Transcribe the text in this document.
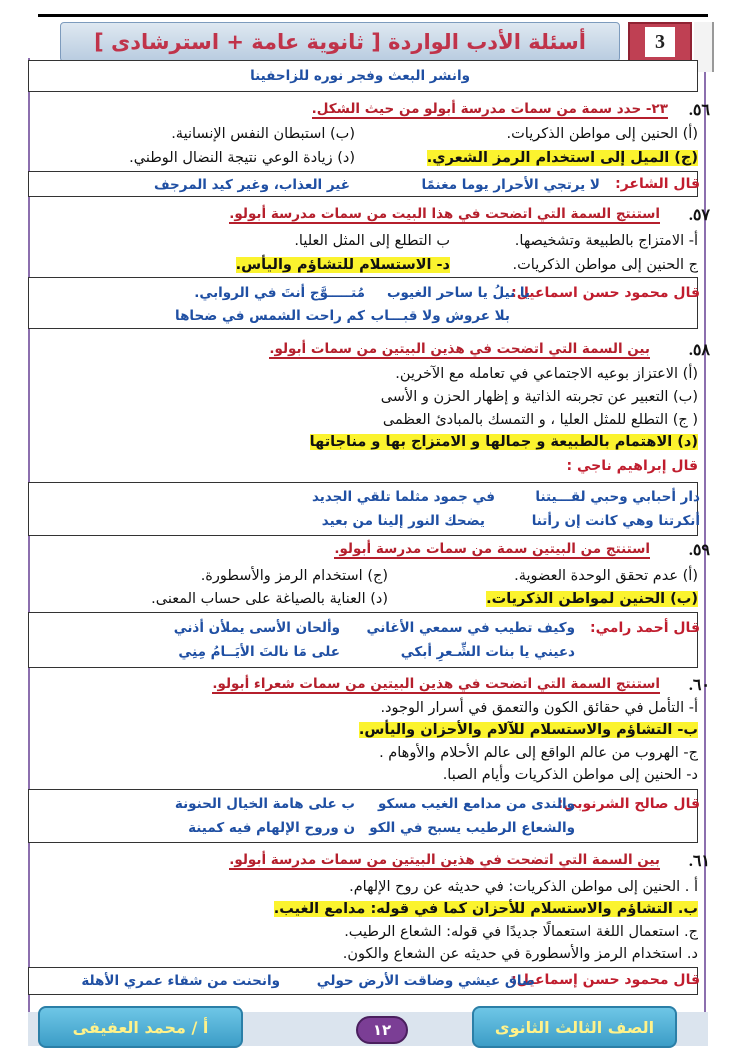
أسئلة الأدب الواردة [ ثانوية عامة + استرشادى ]	3
وانشر البعث وفجر نوره للزاحفينا
٥٦.
٢٣- حدد سمة من سمات مدرسة أبولو من حيث الشكل.
(أ) الحنين إلى مواطن الذكريات.
(ب) استبطان النفس الإنسانية.
(ج) الميل إلى استخدام الرمز الشعري.
(د) زيادة الوعي نتيجة النضال الوطني.
قال الشاعر:
لا يرتجي الأحرار يوما مغنمًا
غير العذاب، وغير كيد المرجف
٥٧.
استنتج السمة التي اتضحت في هذا البيت من سمات مدرسة أبولو.
أ- الامتزاج بالطبيعة وتشخيصها.
ب التطلع إلى المثل العليا.
ج الحنين إلى مواطن الذكريات.
د- الاستسلام للتشاؤم واليأس.
قال محمود حسن اسماعيل:
يا نيلُ يا ساحر الغيوب
مُتـــــوَّج أنتَ في الروابي.
بلا عروش ولا قبـــاب
كم راحت الشمس في ضحاها
٥٨.
بين السمة التي اتضحت في هذين البيتين من سمات أبولو.
(أ) الاعتزاز بوعيه الاجتماعي في تعامله مع الآخرين.
(ب) التعبير عن تجربته الذاتية و إظهار الحزن و الأسى
( ج) التطلع للمثل العليا ، و التمسك بالمبادئ العظمى
(د) الاهتمام بالطبيعة و جمالها و الامتزاج بها و مناجاتها
قال إبراهيم ناجي :
دار أحبابي وحبي لقـــيتنا
في جمود مثلما تلقي الجديد
أنكرتنا وهي كانت إن رأتنا
يضحك النور إلينا من بعيد
٥٩.
استنتج من البيتين سمة من سمات مدرسة أبولو.
(أ) عدم تحقق الوحدة العضوية.
(ج) استخدام الرمز والأسطورة.
(ب) الحنين لمواطن الذكريات.
(د) العناية بالصياغة على حساب المعنى.
قال أحمد رامي:
وكيف تطيب في سمعي الأغاني
وألحان الأسى يملأن أذني
دعيني يا بنات الشِّـعرِ أبكي
على مَا نالتَ الأيَــامُ مِنِي
٦٠.
استنتج السمة التي اتضحت في هذين البيتين من سمات شعراء أبولو.
أ- التأمل في حقائق الكون والتعمق في أسرار الوجود.
ب- التشاؤم والاستسلام للآلام والأحزان واليأس.
ج- الهروب من عالم الواقع إلى عالم الأحلام والأوهام .
د- الحنين إلى مواطن الذكريات وأيام الصبا.
قال صالح الشرنوبي:
والندى من مدامع الغيب مسكو
ب على هامة الخيال الحنونة
والشعاع الرطيب يسبح في الكو
ن وروح الإلهام فيه كمينة
٦١.
بين السمة التي اتضحت في هذين البيتين من سمات مدرسة أبولو.
أ . الحنين إلى مواطن الذكريات: في حديثه عن روح الإلهام.
ب. التشاؤم والاستسلام للأحزان كما في قوله: مدامع الغيب.
ج. استعمال اللغة استعمالًا جديدًا في قوله: الشعاع الرطيب.
د. استخدام الرمز والأسطورة في حديثه عن الشعاع والكون.
قال محمود حسن إسماعيل:
ضاق عيشي وضاقت الأرض حولي
وانحنت من شقاء عمري الأهلة
أ / محمد العفيفى	١٢	الصف الثالث الثانوى
